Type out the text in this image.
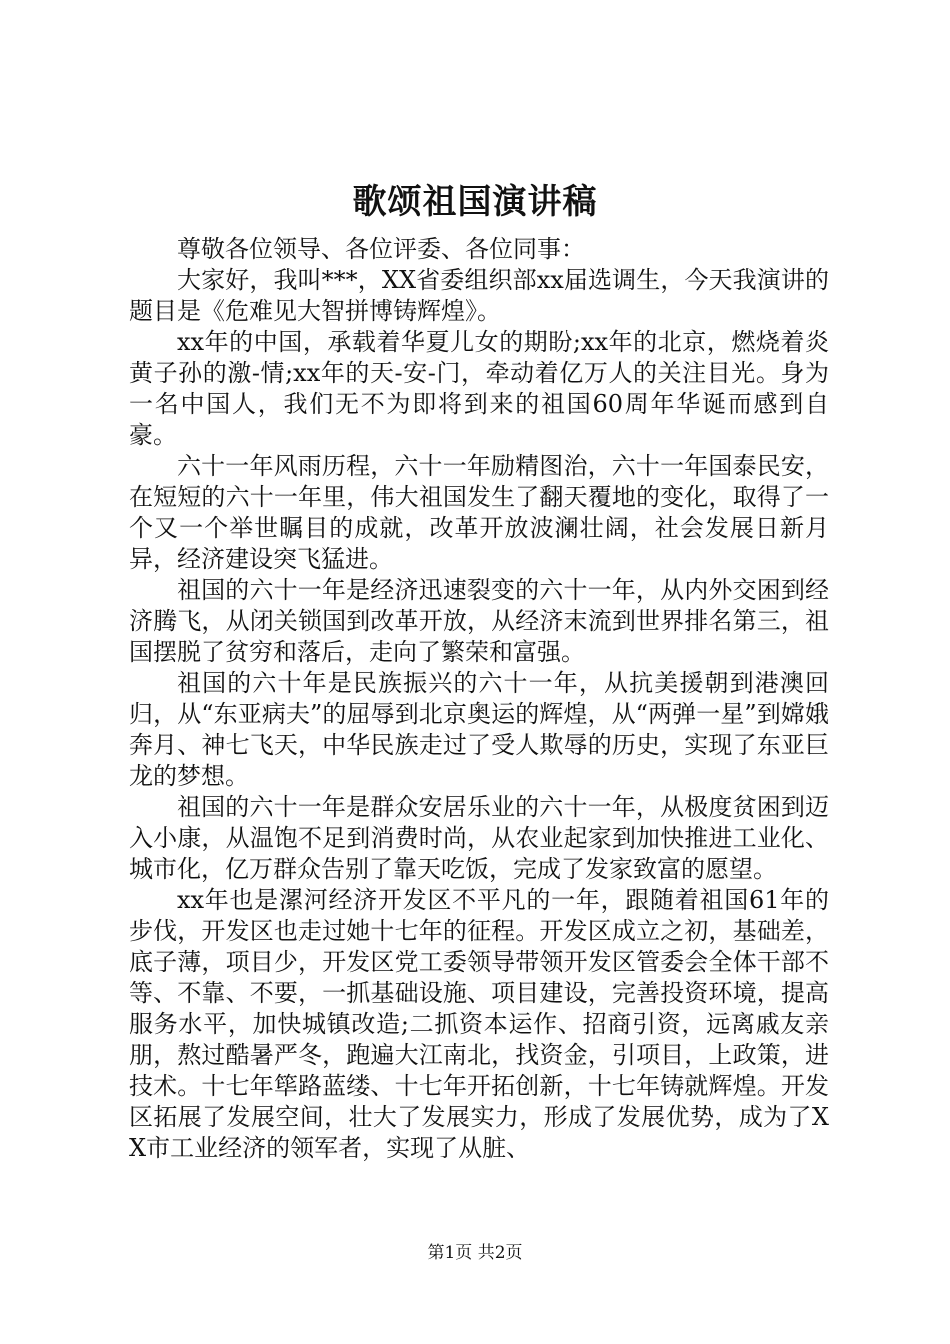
歌颂祖国演讲稿

尊敬各位领导、各位评委、各位同事：

大家好，我叫***，XX省委组织部xx届选调生，今天我演讲的题目是《危难见大智拼博铸辉煌》。

xx年的中国，承载着华夏儿女的期盼;xx年的北京，燃烧着炎黄子孙的激-情;xx年的天-安-门，牵动着亿万人的关注目光。身为一名中国人，我们无不为即将到来的祖国60周年华诞而感到自豪。

六十一年风雨历程，六十一年励精图治，六十一年国泰民安，在短短的六十一年里，伟大祖国发生了翻天覆地的变化，取得了一个又一个举世瞩目的成就，改革开放波澜壮阔，社会发展日新月异，经济建设突飞猛进。

祖国的六十一年是经济迅速裂变的六十一年，从内外交困到经济腾飞，从闭关锁国到改革开放，从经济末流到世界排名第三，祖国摆脱了贫穷和落后，走向了繁荣和富强。

祖国的六十年是民族振兴的六十一年，从抗美援朝到港澳回归，从“东亚病夫”的屈辱到北京奥运的辉煌，从“两弹一星”到嫦娥奔月、神七飞天，中华民族走过了受人欺辱的历史，实现了东亚巨龙的梦想。

祖国的六十一年是群众安居乐业的六十一年，从极度贫困到迈入小康，从温饱不足到消费时尚，从农业起家到加快推进工业化、城市化，亿万群众告别了靠天吃饭，完成了发家致富的愿望。

xx年也是漯河经济开发区不平凡的一年，跟随着祖国61年的步伐，开发区也走过她十七年的征程。开发区成立之初，基础差，底子薄，项目少，开发区党工委领导带领开发区管委会全体干部不等、不靠、不要，一抓基础设施、项目建设，完善投资环境，提高服务水平，加快城镇改造;二抓资本运作、招商引资，远离戚友亲朋，熬过酷暑严冬，跑遍大江南北，找资金，引项目，上政策，进技术。十七年筚路蓝缕、十七年开拓创新，十七年铸就辉煌。开发区拓展了发展空间，壮大了发展实力，形成了发展优势，成为了XX市工业经济的领军者，实现了从脏、

第1页 共2页
